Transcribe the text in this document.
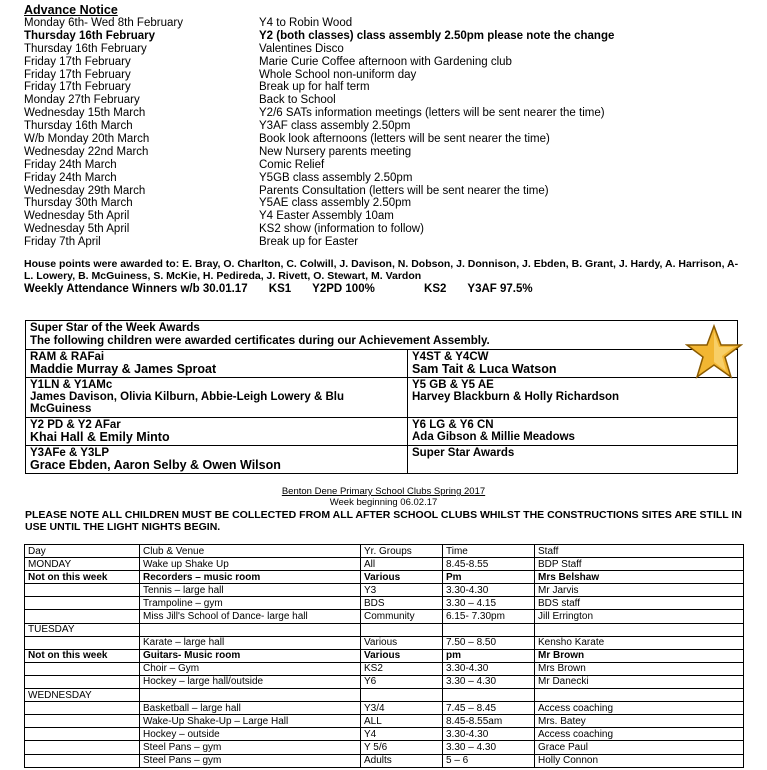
Advance Notice
Monday 6th- Wed 8th February	Y4 to Robin Wood
Thursday 16th February	Y2 (both classes) class assembly 2.50pm please note the change
Thursday 16th February	Valentines Disco
Friday 17th February	Marie Curie Coffee afternoon with Gardening club
Friday 17th February	Whole School non-uniform day
Friday 17th February	Break up for half term
Monday 27th February	Back to School
Wednesday 15th March	Y2/6 SATs information meetings (letters will be sent nearer the time)
Thursday 16th March	Y3AF class assembly 2.50pm
W/b Monday 20th March	Book look afternoons (letters will be sent nearer the time)
Wednesday 22nd March	New Nursery parents meeting
Friday 24th March	Comic Relief
Friday 24th March	Y5GB class assembly 2.50pm
Wednesday 29th March	Parents Consultation (letters will be sent nearer the time)
Thursday 30th March	Y5AE class assembly 2.50pm
Wednesday 5th April	Y4 Easter Assembly 10am
Wednesday 5th April	KS2 show (information to follow)
Friday 7th April	Break up for Easter
House points were awarded to: E. Bray, O. Charlton, C. Colwill, J. Davison, N. Dobson, J. Donnison, J. Ebden, B. Grant, J. Hardy, A. Harrison, A-L. Lowery, B. McGuiness, S. McKie, H. Pedireda, J. Rivett, O. Stewart, M. Vardon
Weekly Attendance Winners w/b 30.01.17 KS1 Y2PD 100%	KS2 Y3AF 97.5%
Super Star of the Week Awards
The following children were awarded certificates during our Achievement Assembly.
RAM & RAFai
Maddie Murray & James Sproat
Y4ST & Y4CW
Sam Tait & Luca Watson
Y1LN & Y1AMc
James Davison, Olivia Kilburn, Abbie-Leigh Lowery & Blu McGuiness
Y5 GB & Y5 AE
Harvey Blackburn & Holly Richardson
Y2 PD & Y2 AFar
Khai Hall & Emily Minto
Y6 LG & Y6 CN
Ada Gibson & Millie Meadows
Y3AFe & Y3LP
Grace Ebden, Aaron Selby & Owen Wilson
Super Star Awards
Benton Dene Primary School Clubs Spring 2017
Week beginning 06.02.17
PLEASE NOTE ALL CHILDREN MUST BE COLLECTED FROM ALL AFTER SCHOOL CLUBS WHILST THE CONSTRUCTIONS SITES ARE STILL IN USE UNTIL THE LIGHT NIGHTS BEGIN.
Day	Club & Venue	Yr. Groups	Time	Staff
MONDAY	Wake up Shake Up	All	8.45-8.55	BDP Staff
Not on this week	Recorders – music room	Various	Pm	Mrs Belshaw
	Tennis – large hall	Y3	3.30-4.30	Mr Jarvis
	Trampoline – gym	BDS	3.30 – 4.15	BDS staff
	Miss Jill's School of Dance- large hall	Community	6.15- 7.30pm	Jill Errington
TUESDAY				
	Karate – large hall	Various	7.50 – 8.50	Kensho Karate
Not on this week	Guitars- Music room	Various	pm	Mr Brown
	Choir – Gym	KS2	3.30-4.30	Mrs Brown
	Hockey – large hall/outside	Y6	3.30 – 4.30	Mr Danecki
WEDNESDAY				
	Basketball – large hall	Y3/4	7.45 – 8.45	Access coaching
	Wake-Up Shake-Up – Large Hall	ALL	8.45-8.55am	Mrs. Batey
	Hockey – outside	Y4	3.30-4.30	Access coaching
	Steel Pans – gym	Y 5/6	3.30 – 4.30	Grace Paul
	Steel Pans – gym	Adults	5 – 6	Holly Connon
